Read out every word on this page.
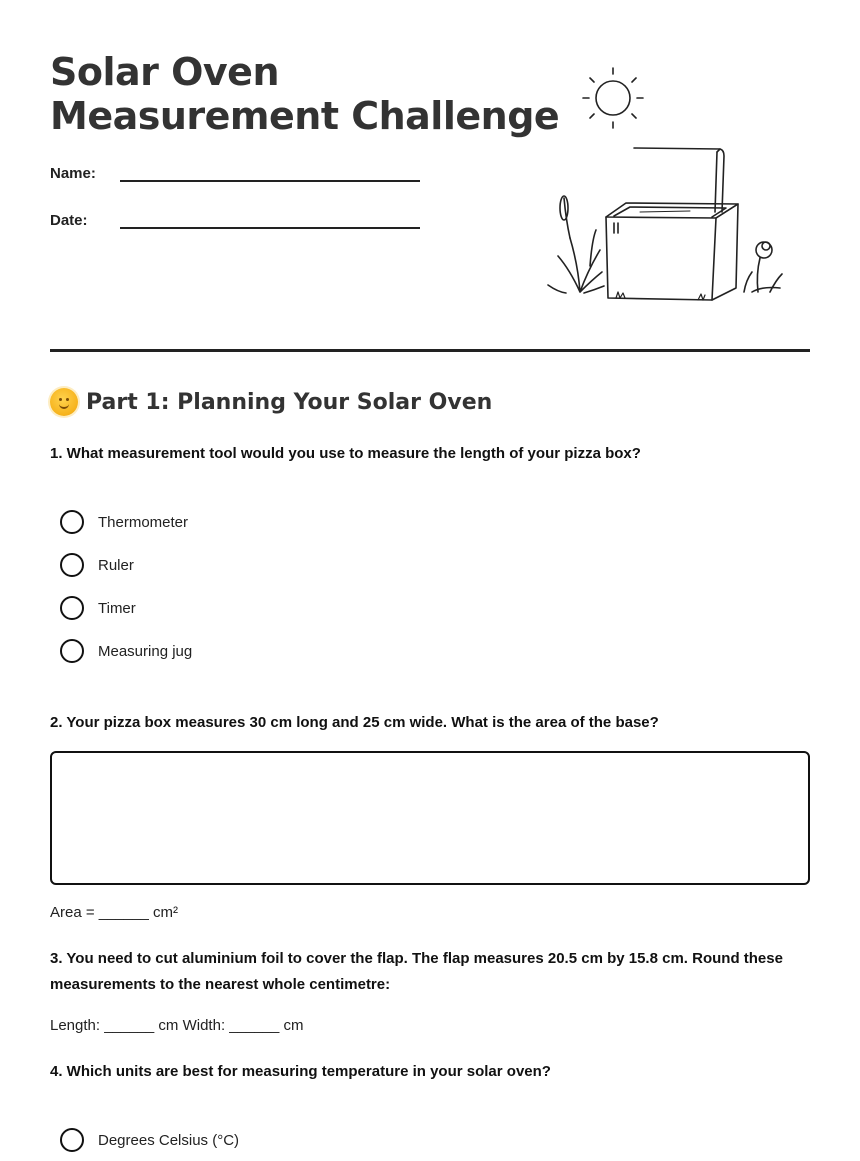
Solar Oven
Measurement Challenge
Name:
Date:
Part 1: Planning Your Solar Oven
1. What measurement tool would you use to measure the length of your pizza box?
Thermometer
Ruler
Timer
Measuring jug
2. Your pizza box measures 30 cm long and 25 cm wide. What is the area of the base?
Area = ______ cm²
3. You need to cut aluminium foil to cover the flap. The flap measures 20.5 cm by 15.8 cm. Round these measurements to the nearest whole centimetre:
Length: ______ cm Width: ______ cm
4. Which units are best for measuring temperature in your solar oven?
Degrees Celsius (°C)
